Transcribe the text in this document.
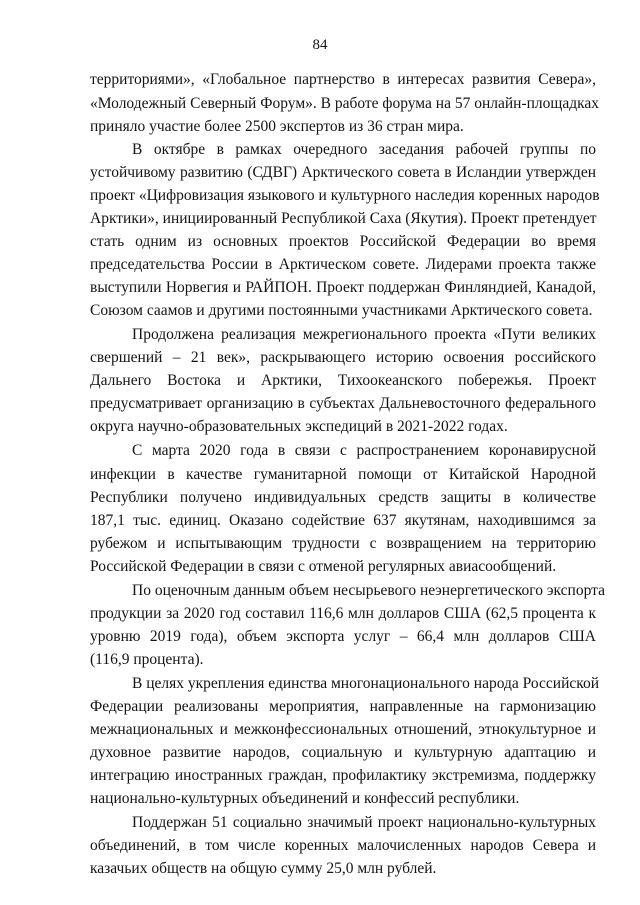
84
территориями», «Глобальное партнерство в интересах развития Севера»,
«Молодежный Северный Форум». В работе форума на 57 онлайн-площадках
приняло участие более 2500 экспертов из 36 стран мира.
В октябре в рамках очередного заседания рабочей группы по
устойчивому развитию (СДВГ) Арктического совета в Исландии утвержден
проект «Цифровизация языкового и культурного наследия коренных народов
Арктики», инициированный Республикой Саха (Якутия). Проект претендует
стать одним из основных проектов Российской Федерации во время
председательства России в Арктическом совете. Лидерами проекта также
выступили Норвегия и РАЙПОН. Проект поддержан Финляндией, Канадой,
Союзом саамов и другими постоянными участниками Арктического совета.
Продолжена реализация межрегионального проекта «Пути великих
свершений – 21 век», раскрывающего историю освоения российского
Дальнего Востока и Арктики, Тихоокеанского побережья. Проект
предусматривает организацию в субъектах Дальневосточного федерального
округа научно-образовательных экспедиций в 2021-2022 годах.
С марта 2020 года в связи с распространением коронавирусной
инфекции в качестве гуманитарной помощи от Китайской Народной
Республики получено индивидуальных средств защиты в количестве
187,1 тыс. единиц. Оказано содействие 637 якутянам, находившимся за
рубежом и испытывающим трудности с возвращением на территорию
Российской Федерации в связи с отменой регулярных авиасообщений.
По оценочным данным объем несырьевого неэнергетического экспорта
продукции за 2020 год составил 116,6 млн долларов США (62,5 процента к
уровню 2019 года), объем экспорта услуг – 66,4 млн долларов США
(116,9 процента).
В целях укрепления единства многонационального народа Российской
Федерации реализованы мероприятия, направленные на гармонизацию
межнациональных и межконфессиональных отношений, этнокультурное и
духовное развитие народов, социальную и культурную адаптацию и
интеграцию иностранных граждан, профилактику экстремизма, поддержку
национально-культурных объединений и конфессий республики.
Поддержан 51 социально значимый проект национально-культурных
объединений, в том числе коренных малочисленных народов Севера и
казачьих обществ на общую сумму 25,0 млн рублей.
